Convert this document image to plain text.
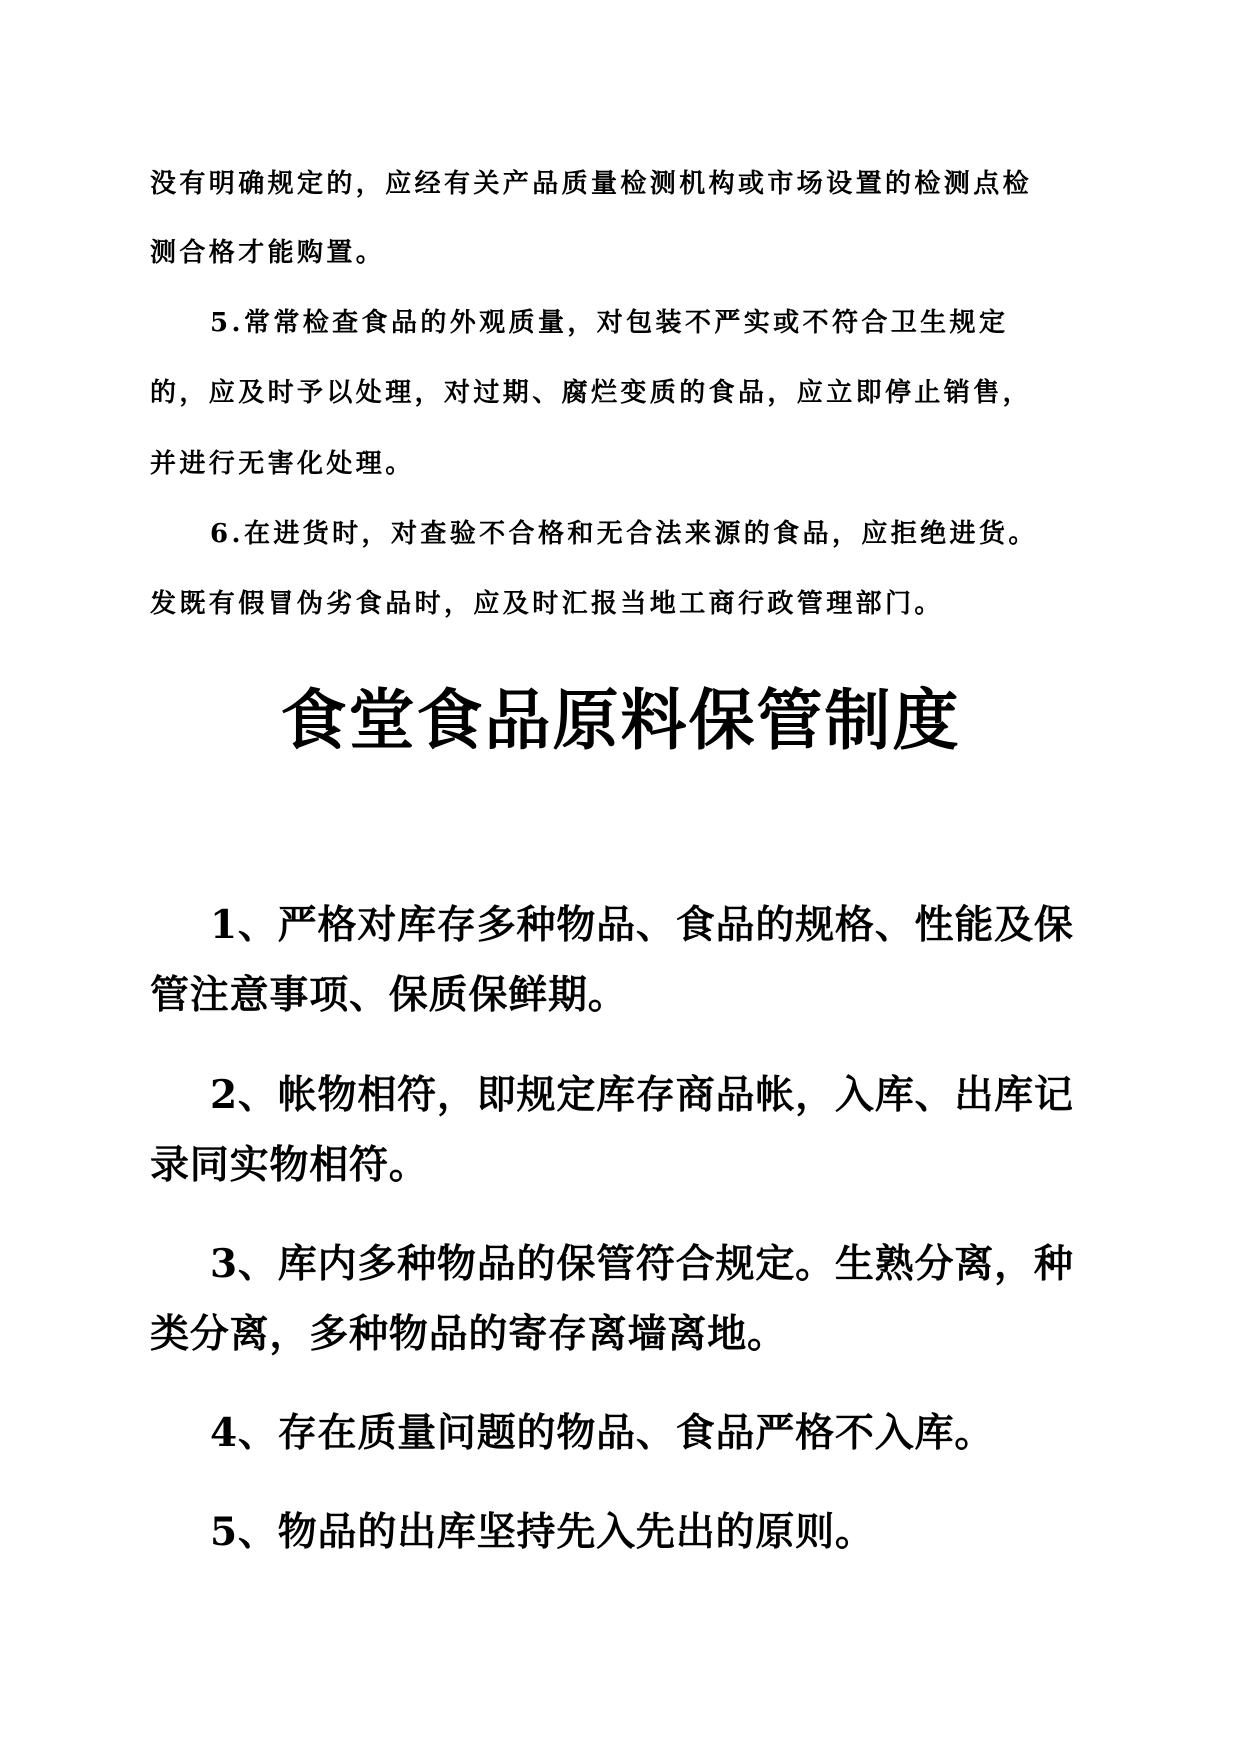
没有明确规定的，应经有关产品质量检测机构或市场设置的检测点检
测合格才能购置。
5.常常检查食品的外观质量，对包装不严实或不符合卫生规定
的，应及时予以处理，对过期、腐烂变质的食品，应立即停止销售，
并进行无害化处理。
6.在进货时，对查验不合格和无合法来源的食品，应拒绝进货。
发既有假冒伪劣食品时，应及时汇报当地工商行政管理部门。
食堂食品原料保管制度
1、严格对库存多种物品、食品的规格、性能及保
管注意事项、保质保鲜期。
2、帐物相符，即规定库存商品帐，入库、出库记
录同实物相符。
3、库内多种物品的保管符合规定。生熟分离，种
类分离，多种物品的寄存离墙离地。
4、存在质量问题的物品、食品严格不入库。
5、物品的出库坚持先入先出的原则。
